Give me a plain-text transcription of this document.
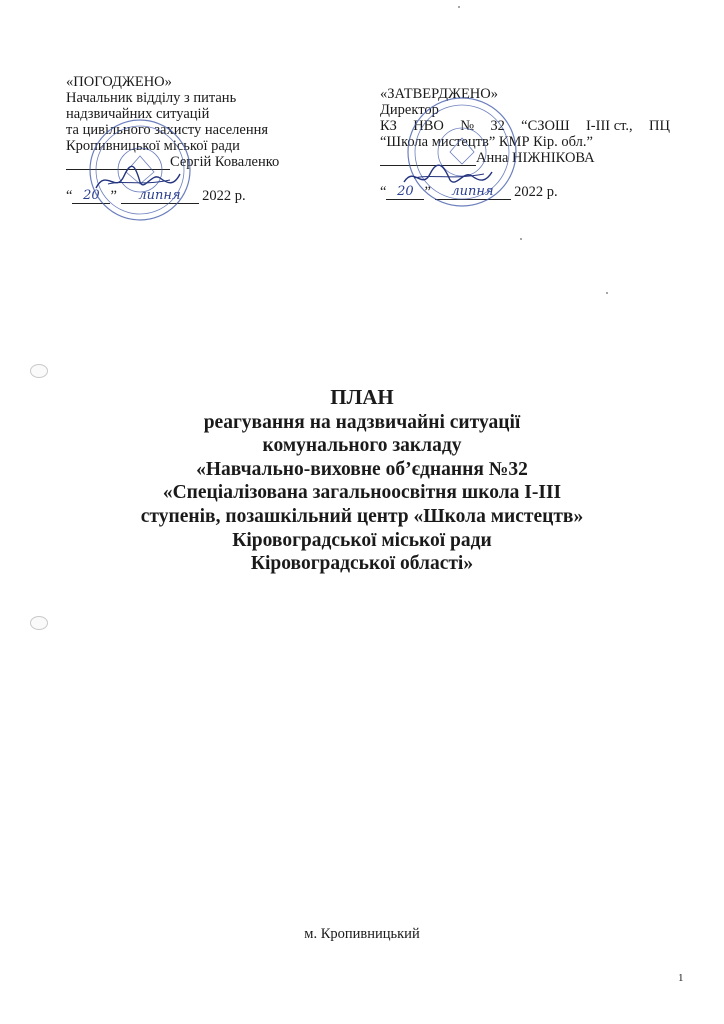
«ПОГОДЖЕНО»
Начальник відділу з питань
надзвичайних ситуацій
та цивільного захисту населення
Кропивницької міської ради
Сергій Коваленко
“ 20 ”
	липня
	2022 р.
«ЗАТВЕРДЖЕНО»
Директор
КЗ НВО № 32 “СЗОШ І-ІІІ ст., ПЦ
“Школа мистецтв” КМР Кір. обл.”
Анна НІЖНІКОВА
“ 20 ”
	липня
	2022 р.
ПЛАН
реагування на надзвичайні ситуації
комунального закладу
«Навчально-виховне об’єднання №32
«Спеціалізована загальноосвітня школа І-ІІІ
ступенів, позашкільний центр «Школа мистецтв»
Кіровоградської міської ради
Кіровоградської області»
м. Кропивницький
1
